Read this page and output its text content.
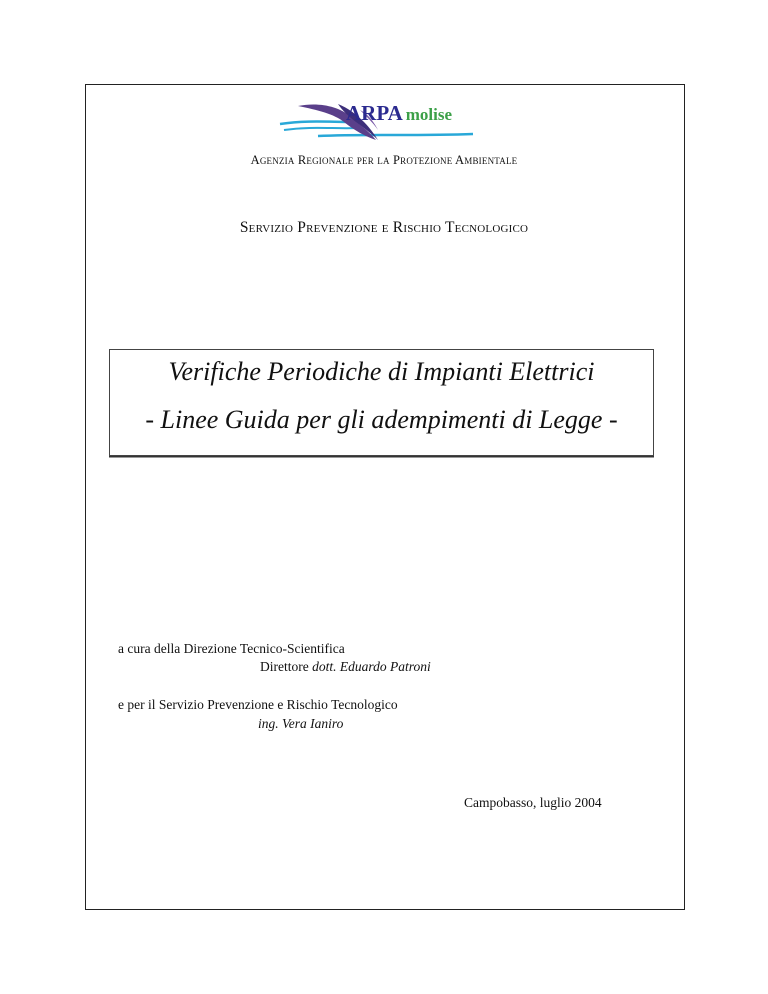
ARPA molise
Agenzia Regionale per la Protezione Ambientale
Servizio Prevenzione e Rischio Tecnologico
Verifiche Periodiche di Impianti Elettrici
- Linee Guida per gli adempimenti di Legge -
a cura della Direzione Tecnico-Scientifica
Direttore dott. Eduardo Patroni
e per il Servizio Prevenzione e Rischio Tecnologico
ing. Vera Ianiro
Campobasso, luglio 2004
